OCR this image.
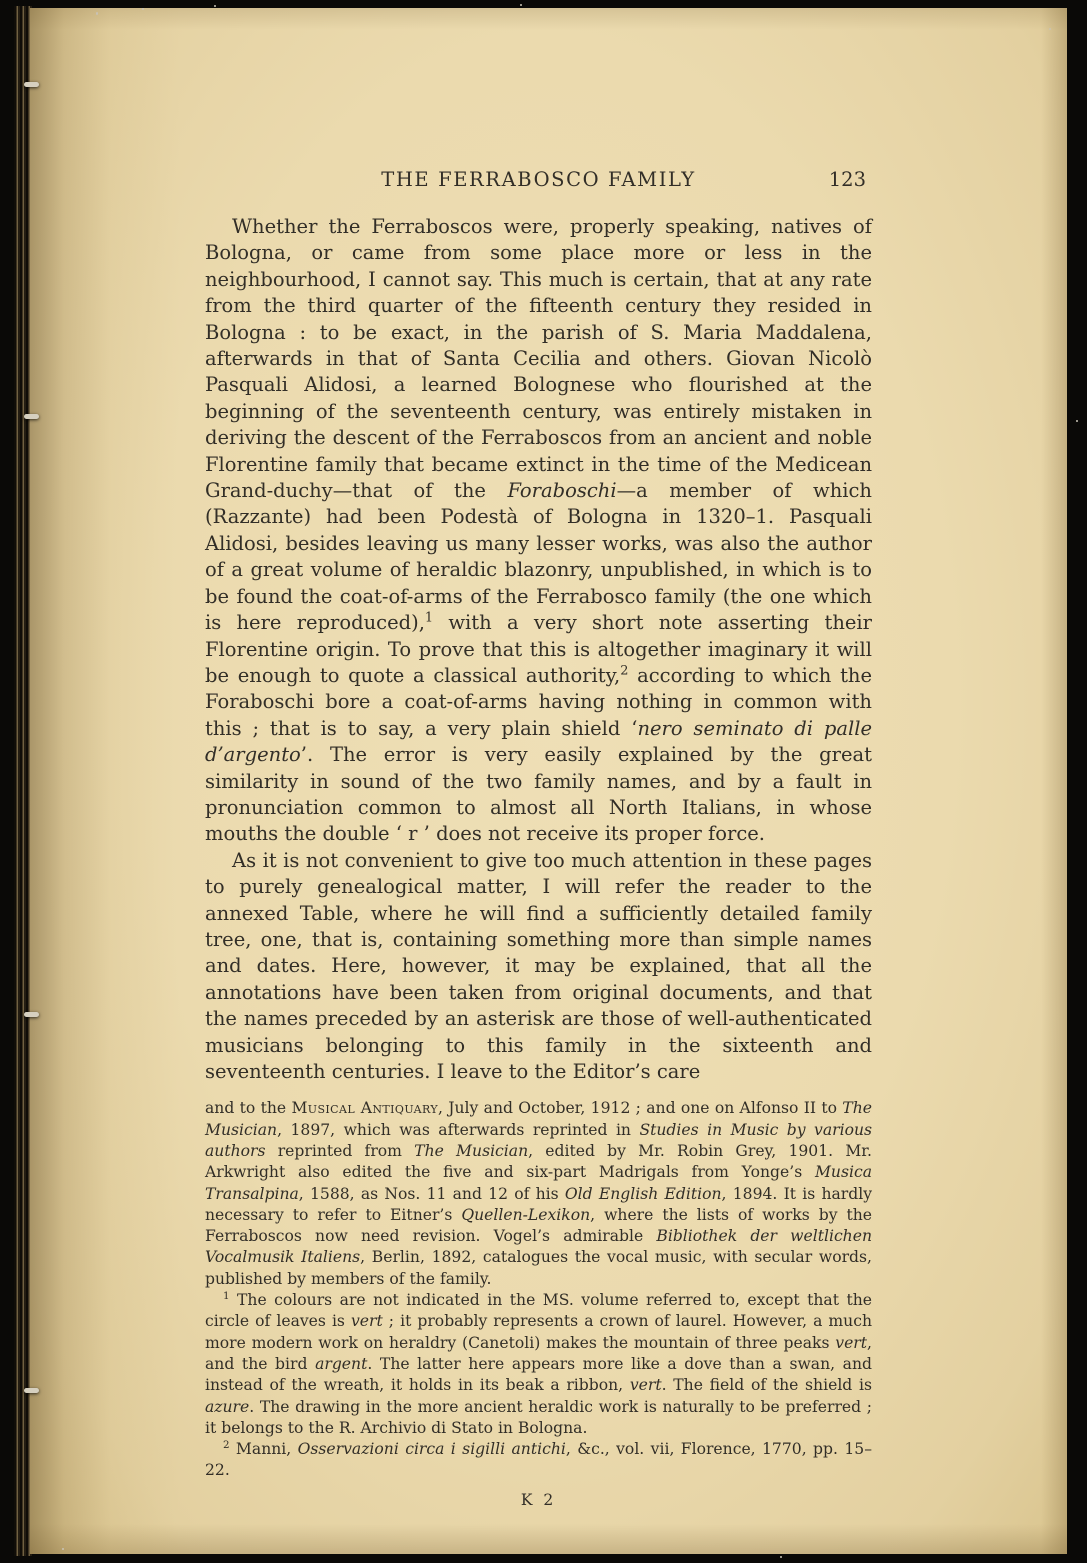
THE FERRABOSCO FAMILY	123

Whether the Ferraboscos were, properly speaking, natives of Bologna, or came from some place more or less in the neighbourhood, I cannot say. This much is certain, that at any rate from the third quarter of the fifteenth century they resided in Bologna : to be exact, in the parish of S. Maria Maddalena, afterwards in that of Santa Cecilia and others. Giovan Nicolò Pasquali Alidosi, a learned Bolognese who flourished at the beginning of the seventeenth century, was entirely mistaken in deriving the descent of the Ferraboscos from an ancient and noble Florentine family that became extinct in the time of the Medicean Grand-duchy—that of the Foraboschi—a member of which (Razzante) had been Podestà of Bologna in 1320–1. Pasquali Alidosi, besides leaving us many lesser works, was also the author of a great volume of heraldic blazonry, unpublished, in which is to be found the coat-of-arms of the Ferrabosco family (the one which is here reproduced),$^1$ with a very short note asserting their Florentine origin. To prove that this is altogether imaginary it will be enough to quote a classical authority,$^2$ according to which the Foraboschi bore a coat-of-arms having nothing in common with this ; that is to say, a very plain shield ‘nero seminato di palle d’argento’. The error is very easily explained by the great similarity in sound of the two family names, and by a fault in pronunciation common to almost all North Italians, in whose mouths the double ‘ r ’ does not receive its proper force.

As it is not convenient to give too much attention in these pages to purely genealogical matter, I will refer the reader to the annexed Table, where he will find a sufficiently detailed family tree, one, that is, containing something more than simple names and dates. Here, however, it may be explained, that all the annotations have been taken from original documents, and that the names preceded by an asterisk are those of well-authenticated musicians belonging to this family in the sixteenth and seventeenth centuries. I leave to the Editor’s care

and to the Musical Antiquary, July and October, 1912 ; and one on Alfonso II to The Musician, 1897, which was afterwards reprinted in Studies in Music by various authors reprinted from The Musician, edited by Mr. Robin Grey, 1901. Mr. Arkwright also edited the five and six-part Madrigals from Yonge’s Musica Transalpina, 1588, as Nos. 11 and 12 of his Old English Edition, 1894. It is hardly necessary to refer to Eitner’s Quellen-Lexikon, where the lists of works by the Ferraboscos now need revision. Vogel’s admirable Bibliothek der weltlichen Vocalmusik Italiens, Berlin, 1892, catalogues the vocal music, with secular words, published by members of the family.

$^1$ The colours are not indicated in the MS. volume referred to, except that the circle of leaves is vert ; it probably represents a crown of laurel. However, a much more modern work on heraldry (Canetoli) makes the mountain of three peaks vert, and the bird argent. The latter here appears more like a dove than a swan, and instead of the wreath, it holds in its beak a ribbon, vert. The field of the shield is azure. The drawing in the more ancient heraldic work is naturally to be preferred ; it belongs to the R. Archivio di Stato in Bologna.

$^2$ Manni, Osservazioni circa i sigilli antichi, &c., vol. vii, Florence, 1770, pp. 15–22.

K 2
